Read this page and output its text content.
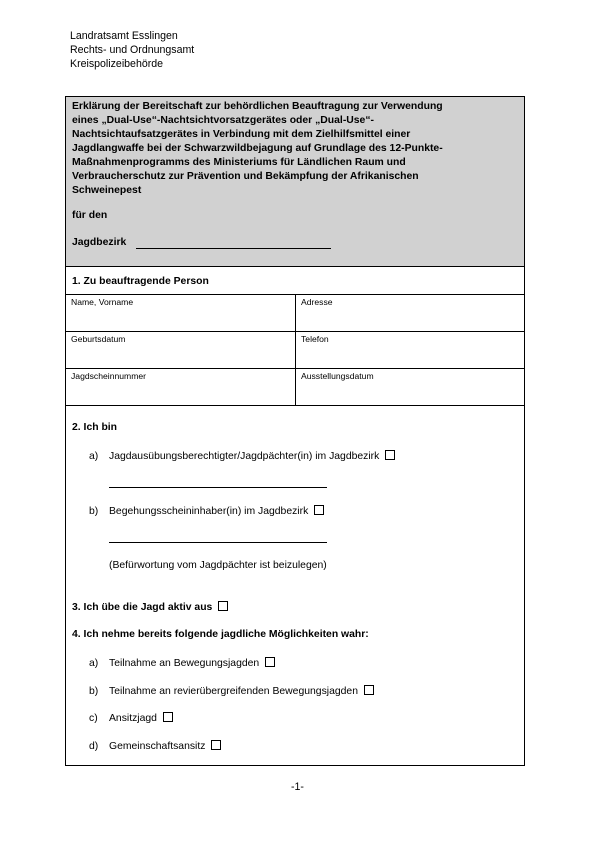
Landratsamt Esslingen
Rechts- und Ordnungsamt
Kreispolizeibehörde
Erklärung der Bereitschaft zur behördlichen Beauftragung zur Verwendung
eines „Dual-Use“-Nachtsichtvorsatzgerätes oder „Dual-Use“-
Nachtsichtaufsatzgerätes in Verbindung mit dem Zielhilfsmittel einer
Jagdlangwaffe bei der Schwarzwildbejagung auf Grundlage des 12-Punkte-
Maßnahmenprogramms des Ministeriums für Ländlichen Raum und
Verbraucherschutz zur Prävention und Bekämpfung der Afrikanischen
Schweinepest
für den
Jagdbezirk
1. Zu beauftragende Person
Name, Vorname	Adresse
Geburtsdatum	Telefon
Jagdscheinnummer	Ausstellungsdatum
2. Ich bin
a) Jagdausübungsberechtigter/Jagdpächter(in) im Jagdbezirk
b) Begehungsscheininhaber(in) im Jagdbezirk
(Befürwortung vom Jagdpächter ist beizulegen)
3. Ich übe die Jagd aktiv aus
4. Ich nehme bereits folgende jagdliche Möglichkeiten wahr:
a) Teilnahme an Bewegungsjagden
b) Teilnahme an revierübergreifenden Bewegungsjagden
c) Ansitzjagd
d) Gemeinschaftsansitz
-1-
